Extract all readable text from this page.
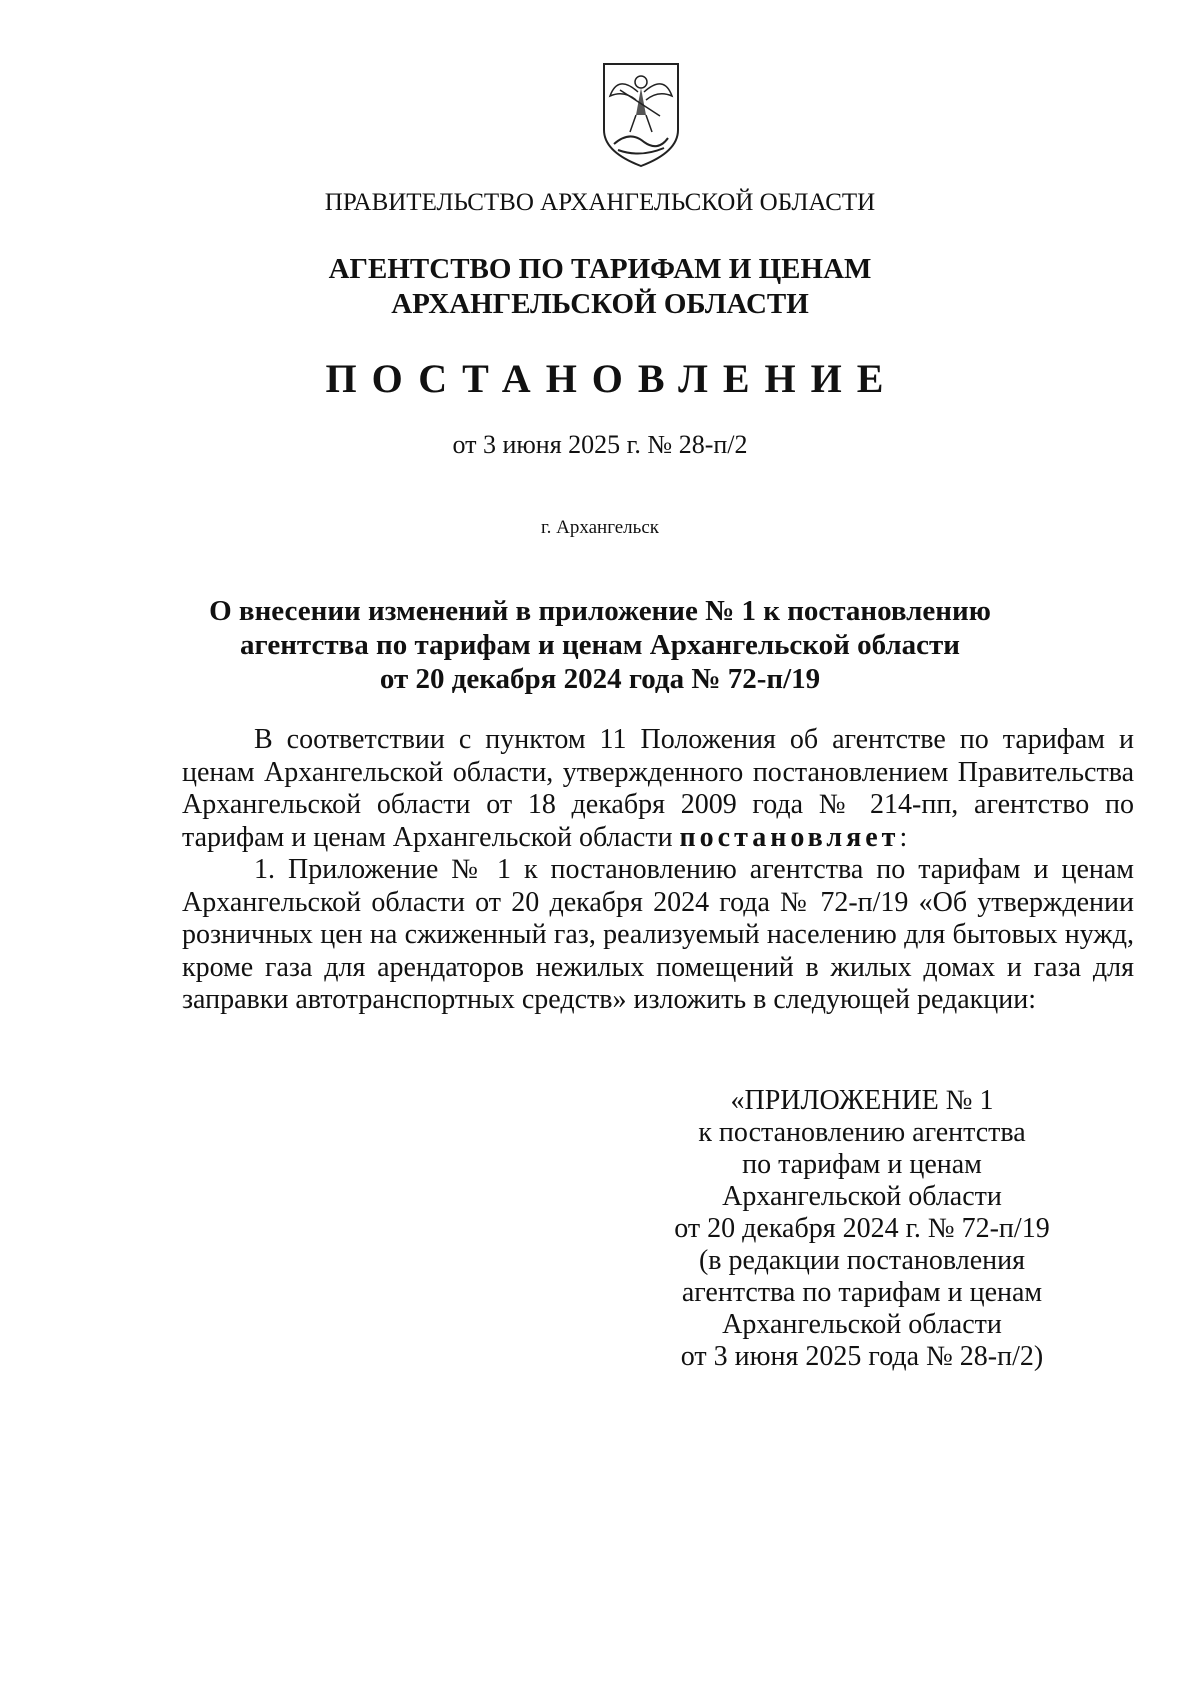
ПРАВИТЕЛЬСТВО АРХАНГЕЛЬСКОЙ ОБЛАСТИ
АГЕНТСТВО ПО ТАРИФАМ И ЦЕНАМ
АРХАНГЕЛЬСКОЙ ОБЛАСТИ
ПОСТАНОВЛЕНИЕ
от 3 июня 2025 г. № 28-п/2
г. Архангельск
О внесении изменений в приложение № 1 к постановлению
агентства по тарифам и ценам Архангельской области
от 20 декабря 2024 года № 72-п/19

В соответствии с пунктом 11 Положения об агентстве по тарифам и ценам Архангельской области, утвержденного постановлением Правительства Архангельской области от 18 декабря 2009 года № 214-пп, агентство по тарифам и ценам Архангельской области постановляет:

1. Приложение № 1 к постановлению агентства по тарифам и ценам Архангельской области от 20 декабря 2024 года № 72-п/19 «Об утверждении розничных цен на сжиженный газ, реализуемый населению для бытовых нужд, кроме газа для арендаторов нежилых помещений в жилых домах и газа для заправки автотранспортных средств» изложить в следующей редакции:

«ПРИЛОЖЕНИЕ № 1
к постановлению агентства
по тарифам и ценам
Архангельской области
от 20 декабря 2024 г. № 72-п/19
(в редакции постановления
агентства по тарифам и ценам
Архангельской области
от 3 июня 2025 года № 28-п/2)
